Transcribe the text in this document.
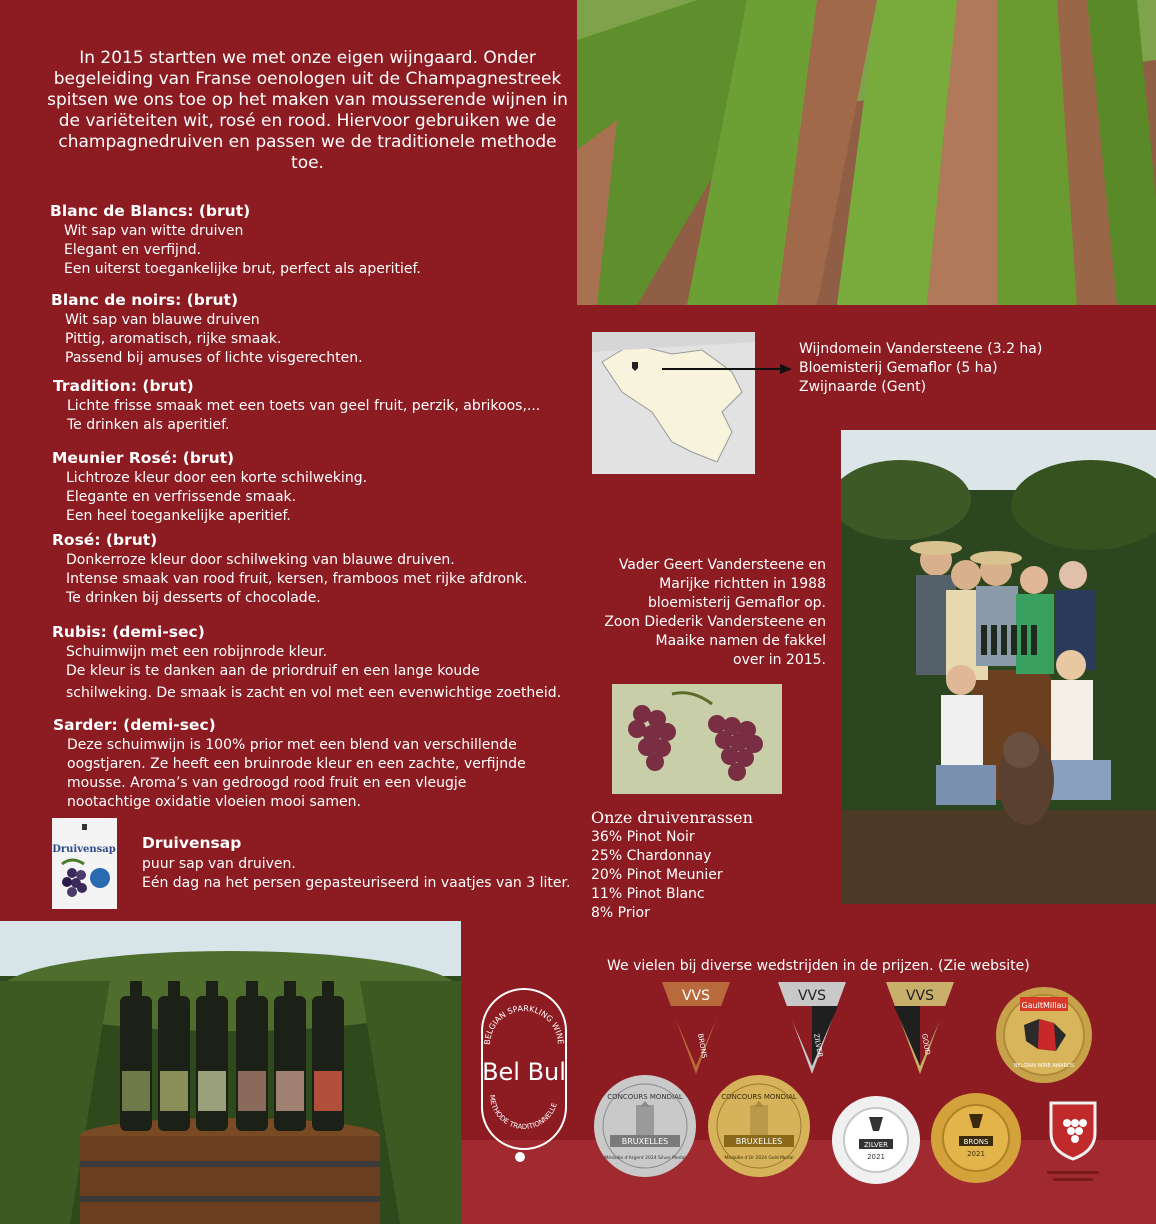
In 2015 startten we met onze eigen wijngaard. Onder begeleiding van Franse oenologen uit de Champagnestreek spitsen we ons toe op het maken van mousserende wijnen in de variëteiten wit, rosé en rood. Hiervoor gebruiken we de champagnedruiven en passen we de traditionele methode toe.
Blanc de Blancs: (brut)
Wit sap van witte druiven
Elegant en verfijnd.
Een uiterst toegankelijke brut, perfect als aperitief.
Blanc de noirs: (brut)
Wit sap van blauwe druiven
Pittig, aromatisch, rijke smaak.
Passend bij amuses of lichte visgerechten.
Tradition: (brut)
Lichte frisse smaak met een toets van geel fruit, perzik, abrikoos,...
Te drinken als aperitief.
Meunier Rosé: (brut)
Lichtroze kleur door een korte schilweking.
Elegante en verfrissende smaak.
Een heel toegankelijke aperitief.
Rosé: (brut)
Donkerroze kleur door schilweking van blauwe druiven.
Intense smaak van rood fruit, kersen, framboos met rijke afdronk.
Te drinken bij desserts of chocolade.
Rubis: (demi-sec)
Schuimwijn met een robijnrode kleur.
De kleur is te danken aan de priordruif en een lange koude
schilweking. De smaak is zacht en vol met een evenwichtige zoetheid.
Sarder: (demi-sec)
Deze schuimwijn is 100% prior met een blend van verschillende
oogstjaren. Ze heeft een bruinrode kleur en een zachte, verfijnde
mousse. Aroma’s van gedroogd rood fruit en een vleugje
nootachtige oxidatie vloeien mooi samen.
Druivensap Druivensap
puur sap van druiven.
Eén dag na het persen gepasteuriseerd in vaatjes van 3 liter.
Wijndomein Vandersteene (3.2 ha)
Bloemisterij Gemaflor (5 ha)
Zwijnaarde (Gent)
Vader Geert Vandersteene en
Marijke richtten in 1988
bloemisterij Gemaflor op.
Zoon Diederik Vandersteene en
Maaike namen de fakkel
over in 2015.
Onze druivenrassen
36% Pinot Noir
25% Chardonnay
20% Pinot Meunier
11% Pinot Blanc
8% Prior
We vielen bij diverse wedstrijden in de prijzen. (Zie website)
BELGIAN SPARKLING WINE
METHODE TRADITIONNELLE
Bel Bul
VVS
BRONS
VVS
ZILVER
VVS
GOUD
GaultMillau
BELGIAN WINE AWARDS
CONCOURS MONDIAL
BRUXELLES
Médaille d'Argent 2024 Silver Medal
CONCOURS MONDIAL
BRUXELLES
Médaille d'Or 2024 Gold Medal
ZILVER
2021
BRONS
2021
